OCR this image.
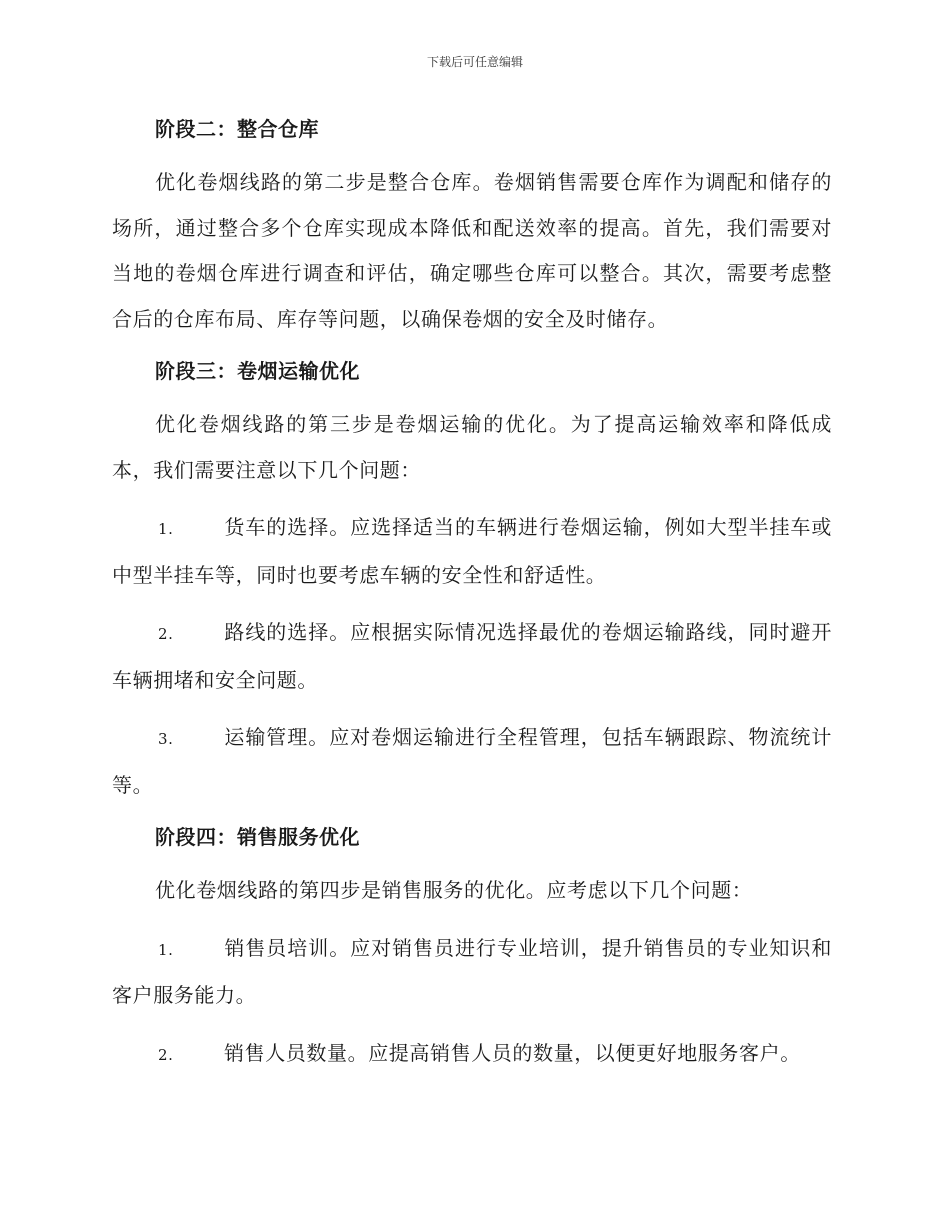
下载后可任意编辑
阶段二：整合仓库

优化卷烟线路的第二步是整合仓库。卷烟销售需要仓库作为调配和储存的场所，通过整合多个仓库实现成本降低和配送效率的提高。首先，我们需要对当地的卷烟仓库进行调查和评估，确定哪些仓库可以整合。其次，需要考虑整合后的仓库布局、库存等问题，以确保卷烟的安全及时储存。

阶段三：卷烟运输优化

优化卷烟线路的第三步是卷烟运输的优化。为了提高运输效率和降低成本，我们需要注意以下几个问题：

1.	货车的选择。应选择适当的车辆进行卷烟运输，例如大型半挂车或中型半挂车等，同时也要考虑车辆的安全性和舒适性。

2.	路线的选择。应根据实际情况选择最优的卷烟运输路线，同时避开车辆拥堵和安全问题。

3.	运输管理。应对卷烟运输进行全程管理，包括车辆跟踪、物流统计等。

阶段四：销售服务优化

优化卷烟线路的第四步是销售服务的优化。应考虑以下几个问题：

1.	销售员培训。应对销售员进行专业培训，提升销售员的专业知识和客户服务能力。

2.	销售人员数量。应提高销售人员的数量，以便更好地服务客户。
